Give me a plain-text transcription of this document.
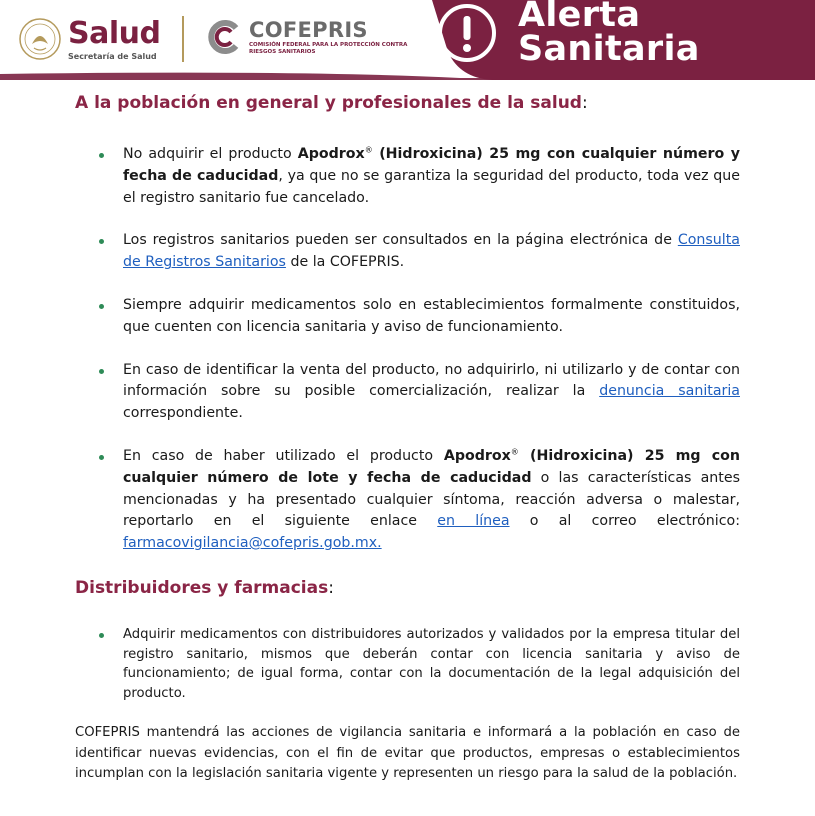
Salud
Secretaría de Salud
COFEPRIS
COMISIÓN FEDERAL PARA LA PROTECCIÓN CONTRA RIESGOS SANITARIOS
Alerta
Sanitaria
A la población en general y profesionales de la salud:
No adquirir el producto Apodrox® (Hidroxicina) 25 mg con cualquier número y fecha de caducidad, ya que no se garantiza la seguridad del producto, toda vez que el registro sanitario fue cancelado.
Los registros sanitarios pueden ser consultados en la página electrónica de Consulta de Registros Sanitarios de la COFEPRIS.
Siempre adquirir medicamentos solo en establecimientos formalmente constituidos, que cuenten con licencia sanitaria y aviso de funcionamiento.
En caso de identificar la venta del producto, no adquirirlo, ni utilizarlo y de contar con información sobre su posible comercialización, realizar la denuncia sanitaria correspondiente.
En caso de haber utilizado el producto Apodrox® (Hidroxicina) 25 mg con cualquier número de lote y fecha de caducidad o las características antes mencionadas y ha presentado cualquier síntoma, reacción adversa o malestar, reportarlo en el siguiente enlace en línea o al correo electrónico: farmacovigilancia@cofepris.gob.mx.
Distribuidores y farmacias:
Adquirir medicamentos con distribuidores autorizados y validados por la empresa titular del registro sanitario, mismos que deberán contar con licencia sanitaria y aviso de funcionamiento; de igual forma, contar con la documentación de la legal adquisición del producto.

COFEPRIS mantendrá las acciones de vigilancia sanitaria e informará a la población en caso de identificar nuevas evidencias, con el fin de evitar que productos, empresas o establecimientos incumplan con la legislación sanitaria vigente y representen un riesgo para la salud de la población.
